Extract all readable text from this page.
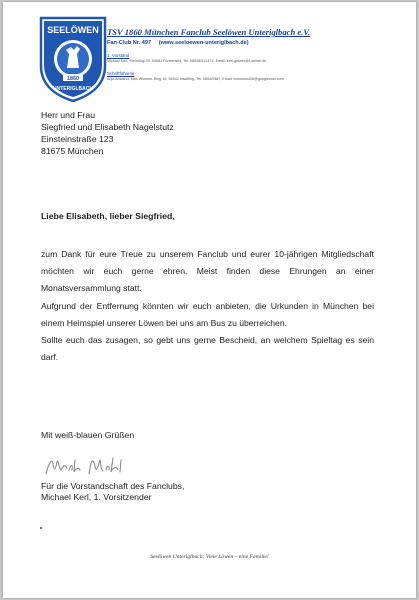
1860
SEELÖWEN
UNTERIGLBACH
TSV 1860 München Fanclub Seelöwen Unteriglbach e.V.
Fan-Club Nr. 497 (www.seeloewen-unteriglbach.de)
1. Vorstand
Michael Kerl, Steinhügl 30, 94081 Fürstenzell, Tel. 08548/912474, Email: kerl-gotzler@t-online.de
Schriftführerin
Anja Anwand, Max-Wimmer-Ring 16, 94542 Haidlfing, Tel. 08542/587, Email: brunsum426@googlemail.com
Herr und Frau
Siegfried und Elisabeth Nagelstutz
Einsteinstraße 123
81675 München
Liebe Elisabeth, lieber Siegfried,

zum Dank für eure Treue zu unserem Fanclub und eurer 10-jährigen Mitgliedschaft möchten wir euch gerne ehren. Meist finden diese Ehrungen an einer Monatsversammlung statt.

Aufgrund der Entfernung könnten wir euch anbieten, die Urkunden in München bei einem Heimspiel unserer Löwen bei uns am Bus zu überreichen.

Sollte euch das zusagen, so gebt uns gerne Bescheid, an welchem Spieltag es sein darf.

Mit weiß-blauen Grüßen
Für die Vorstandschaft des Fanclubs,
Michael Kerl, 1. Vorsitzender
Seelöwen Unteriglbach: Viele Löwen – eine Familie!
